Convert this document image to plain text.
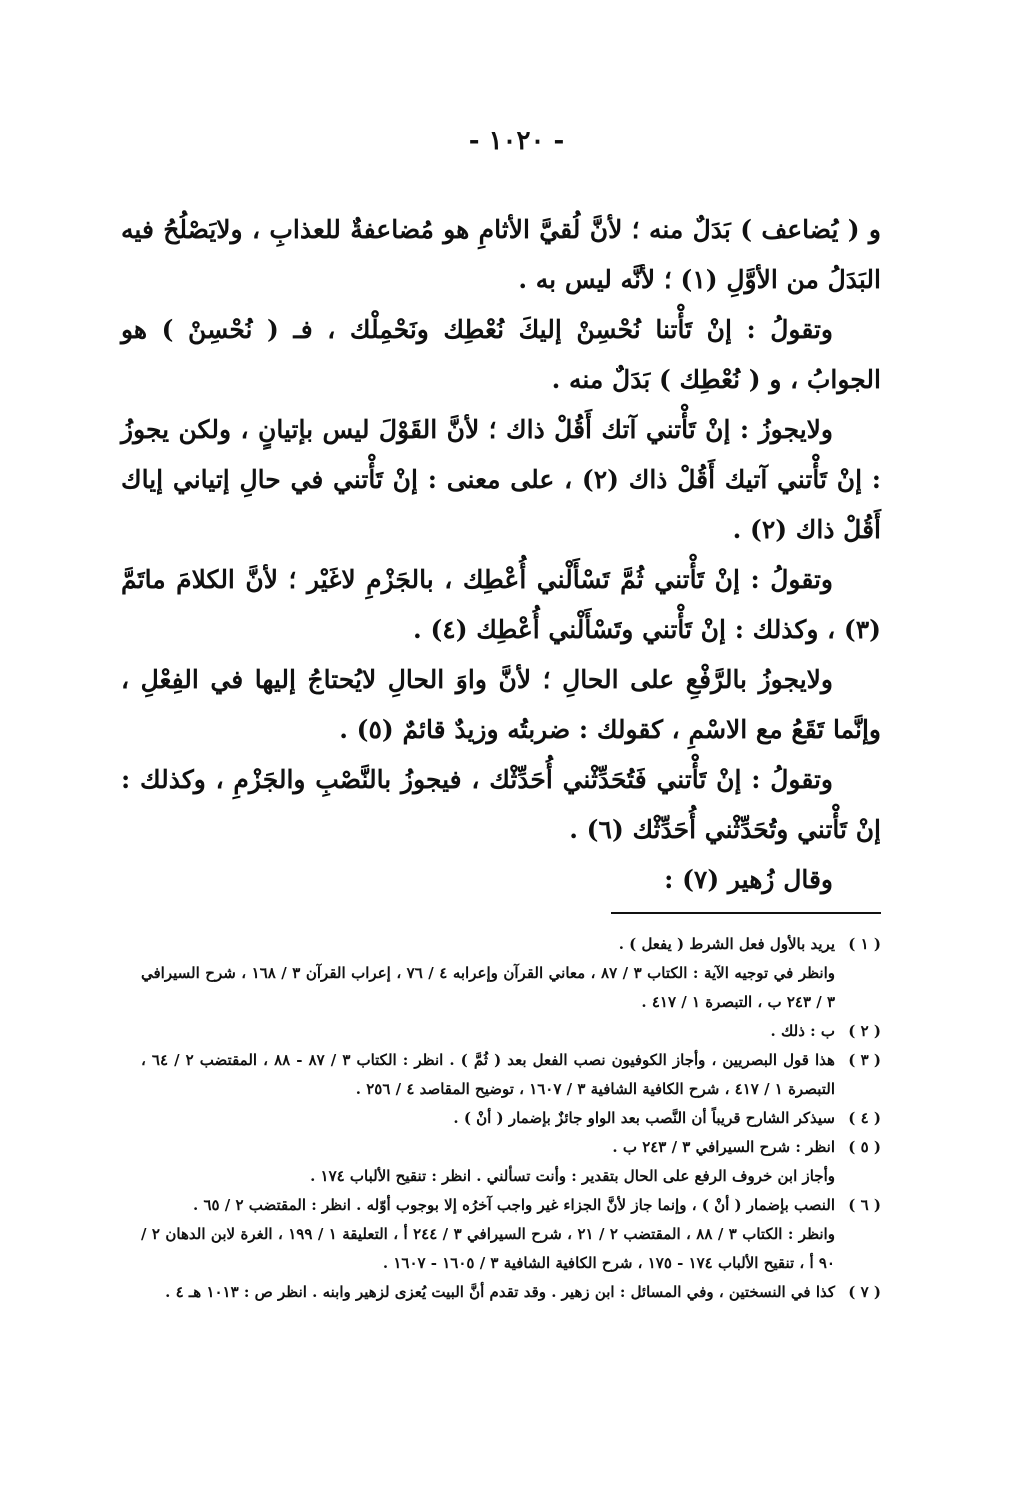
- ١٠٢٠ -

و ( يُضاعف ) بَدَلٌ منه ؛ لأنَّ لُقيَّ الأثامِ هو مُضاعفةٌ للعذابِ ، ولايَصْلُحُ فيه البَدَلُ من الأوَّلِ (١) ؛ لأنَّه ليس به .

وتقولُ : إنْ تَأْتنا نُحْسِنْ إليكَ نُعْطِك ونَحْمِلْك ، فـ ( نُحْسِنْ ) هو الجوابُ ، و ( نُعْطِك ) بَدَلٌ منه .

ولايجوزُ : إنْ تَأْتني آتك أَقُلْ ذاك ؛ لأنَّ القَوْلَ ليس بإتيانٍ ، ولكن يجوزُ : إنْ تَأْتني آتيك أَقُلْ ذاك (٢) ، على معنى : إنْ تَأْتني في حالِ إتياني إياك أَقُلْ ذاك (٢) .

وتقولُ : إنْ تَأْتني ثُمَّ تَسْأَلْني أُعْطِك ، بالجَزْمِ لاغَيْر ؛ لأنَّ الكلامَ ماتَمَّ (٣) ، وكذلك : إنْ تَأْتني وتَسْأَلْني أُعْطِك (٤) .

ولايجوزُ بالرَّفْعِ على الحالِ ؛ لأنَّ واوَ الحالِ لايُحتاجُ إليها في الفِعْلِ ، وإنَّما تَقَعُ مع الاسْمِ ، كقولك : ضربتُه وزيدٌ قائمٌ (٥) .

وتقولُ : إنْ تَأْتني فَتُحَدِّثْني أُحَدِّثْك ، فيجوزُ بالنَّصْبِ والجَزْمِ ، وكذلك : إنْ تَأْتني وتُحَدِّثْني أُحَدِّثْك (٦) .

وقال زُهير (٧) :

( ١ )
يريد بالأول فعل الشرط ( يفعل ) .
وانظر في توجيه الآية : الكتاب ٣ / ٨٧ ، معاني القرآن وإعرابه ٤ / ٧٦ ، إعراب القرآن ٣ / ١٦٨ ، شرح السيرافي ٣ / ٢٤٣ ب ، التبصرة ١ / ٤١٧ .
( ٢ )
ب : ذلك .
( ٣ )
هذا قول البصريين ، وأجاز الكوفيون نصب الفعل بعد ( ثُمَّ ) . انظر : الكتاب ٣ / ٨٧ - ٨٨ ، المقتضب ٢ / ٦٤ ، التبصرة ١ / ٤١٧ ، شرح الكافية الشافية ٣ / ١٦٠٧ ، توضيح المقاصد ٤ / ٢٥٦ .
( ٤ )
سيذكر الشارح قريباً أن النَّصب بعد الواو جائزٌ بإضمار ( أنْ ) .
( ٥ )
انظر : شرح السيرافي ٣ / ٢٤٣ ب .
وأجاز ابن خروف الرفع على الحال بتقدير : وأنت تسألني . انظر : تنقيح الألباب ١٧٤ .
( ٦ )
النصب بإضمار ( أنْ ) ، وإنما جاز لأنَّ الجزاء غير واجب آخرُه إلا بوجوب أوّله . انظر : المقتضب ٢ / ٦٥ .
وانظر : الكتاب ٣ / ٨٨ ، المقتضب ٢ / ٢١ ، شرح السيرافي ٣ / ٢٤٤ أ ، التعليقة ١ / ١٩٩ ، الغرة لابن الدهان ٢ / ٩٠ أ ، تنقيح الألباب ١٧٤ - ١٧٥ ، شرح الكافية الشافية ٣ / ١٦٠٥ - ١٦٠٧ .
( ٧ )
كذا في النسختين ، وفي المسائل : ابن زهير . وقد تقدم أنَّ البيت يُعزى لزهير وابنه . انظر ص : ١٠١٣ هـ ٤ .
